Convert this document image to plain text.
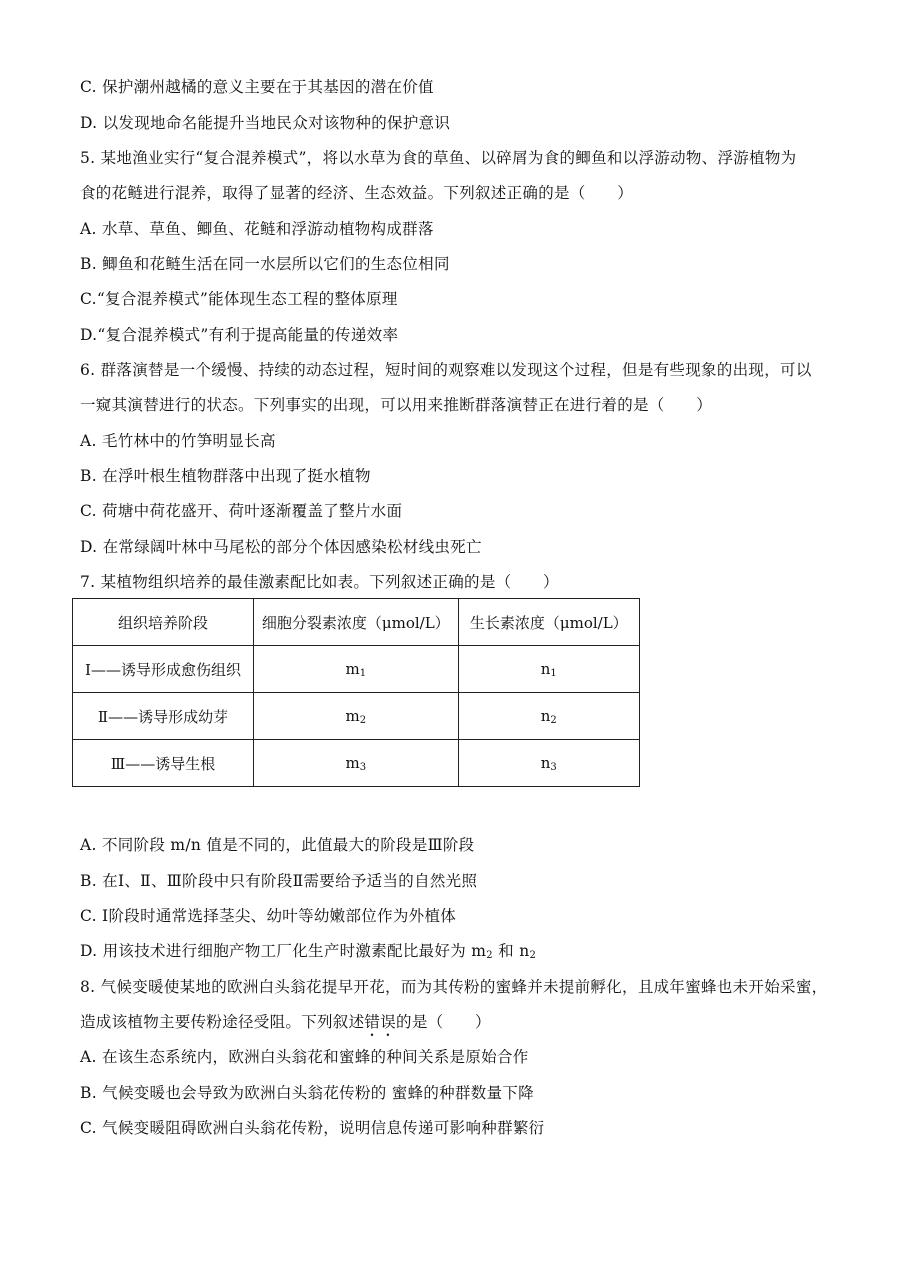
C. 保护潮州越橘的意义主要在于其基因的潜在价值
D. 以发现地命名能提升当地民众对该物种的保护意识
5. 某地渔业实行“复合混养模式”，将以水草为食的草鱼、以碎屑为食的鲫鱼和以浮游动物、浮游植物为
食的花鲢进行混养，取得了显著的经济、生态效益。下列叙述正确的是（　　）
A. 水草、草鱼、鲫鱼、花鲢和浮游动植物构成群落
B. 鲫鱼和花鲢生活在同一水层所以它们的生态位相同
C.“复合混养模式”能体现生态工程的整体原理
D.“复合混养模式”有利于提高能量的传递效率
6. 群落演替是一个缓慢、持续的动态过程，短时间的观察难以发现这个过程，但是有些现象的出现，可以
一窥其演替进行的状态。下列事实的出现，可以用来推断群落演替正在进行着的是（　　）
A. 毛竹林中的竹笋明显长高
B. 在浮叶根生植物群落中出现了挺水植物
C. 荷塘中荷花盛开、荷叶逐渐覆盖了整片水面
D. 在常绿阔叶林中马尾松的部分个体因感染松材线虫死亡
7. 某植物组织培养的最佳激素配比如表。下列叙述正确的是（　　）
组织培养阶段	细胞分裂素浓度（μmol/L）	生长素浓度（μmol/L）
Ⅰ——诱导形成愈伤组织	$m_1$	$n_1$
Ⅱ——诱导形成幼芽	$m_2$	$n_2$
Ⅲ——诱导生根	$m_3$	$n_3$
A. 不同阶段 m/n 值是不同的，此值最大的阶段是Ⅲ阶段
B. 在Ⅰ、Ⅱ、Ⅲ阶段中只有阶段Ⅱ需要给予适当的自然光照
C. Ⅰ阶段时通常选择茎尖、幼叶等幼嫩部位作为外植体
D. 用该技术进行细胞产物工厂化生产时激素配比最好为 $m_2$ 和 $n_2$
8. 气候变暖使某地的欧洲白头翁花提早开花，而为其传粉的蜜蜂并未提前孵化，且成年蜜蜂也未开始采蜜，
造成该植物主要传粉途径受阻。下列叙述错误的是（　　）
A. 在该生态系统内，欧洲白头翁花和蜜蜂的种间关系是原始合作
B. 气候变暖也会导致为欧洲白头翁花传粉的 蜜蜂的种群数量下降
C. 气候变暖阻碍欧洲白头翁花传粉，说明信息传递可影响种群繁衍
